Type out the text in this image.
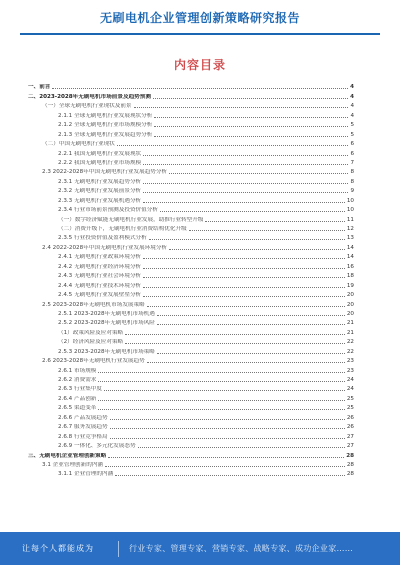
无刷电机企业管理创新策略研究报告
内容目录
一、前言	4
二、2023-2028年无刷电机市场前景及趋势预测	4
（一）全球无刷电机行业现状及前景	4
2.1.1 全球无刷电机行业发展现状分析	4
2.1.2 全球无刷电机行业市场规模分析	5
2.1.3 全球无刷电机行业发展趋势分析	5
（二）中国无刷电机行业现状	6
2.2.1 我国无刷电机行业发展现状	6
2.2.2 我国无刷电机行业市场规模	7
2.3 2022-2028年中国无刷电机行业发展趋势分析	8
2.3.1 无刷电机行业发展趋势分析	8
2.3.2 无刷电机行业发展前景分析	9
2.3.3 无刷电机行业发展机遇分析	10
2.3.4 行业市场前景预测及投资价值分析	10
（一）数字经济赋能无刷电机行业发展，助推行业转型升级	11
（二）消费升级下，无刷电机行业消费结构优化升级	12
2.3.5 行业投资价值及盈利模式分析	13
2.4 2022-2028年中国无刷电机行业发展环境分析	14
2.4.1 无刷电机行业政策环境分析	14
2.4.2 无刷电机行业经济环境分析	16
2.4.3 无刷电机行业社会环境分析	18
2.4.4 无刷电机行业技术环境分析	19
2.4.5 无刷电机行业发展壁垒分析	20
2.5 2023-2028年无刷电机市场发展策略	20
2.5.1 2023-2028年无刷电机市场机遇	20
2.5.2 2023-2028年无刷电机市场风险	21
（1）政策风险及应对策略	21
（2）经济风险及应对策略	22
2.5.3 2023-2028年无刷电机市场策略	22
2.6 2023-2028年无刷电机行业发展趋势	23
2.6.1 市场规模	23
2.6.2 消费需求	24
2.6.3 行业集中度	24
2.6.4 产品创新	25
2.6.5 渠道变革	25
2.6.6 产品发展趋势	26
2.6.7 服务发展趋势	26
2.6.8 行业竞争格局	27
2.6.9 一体化、多元化发展态势	27
三、无刷电机企业管理创新策略	28
3.1 企业管理创新的内涵	28
3.1.1 企业管理的内涵	28
让每个人都能成为	行业专家、管理专家、营销专家、战略专家、成功企业家……
